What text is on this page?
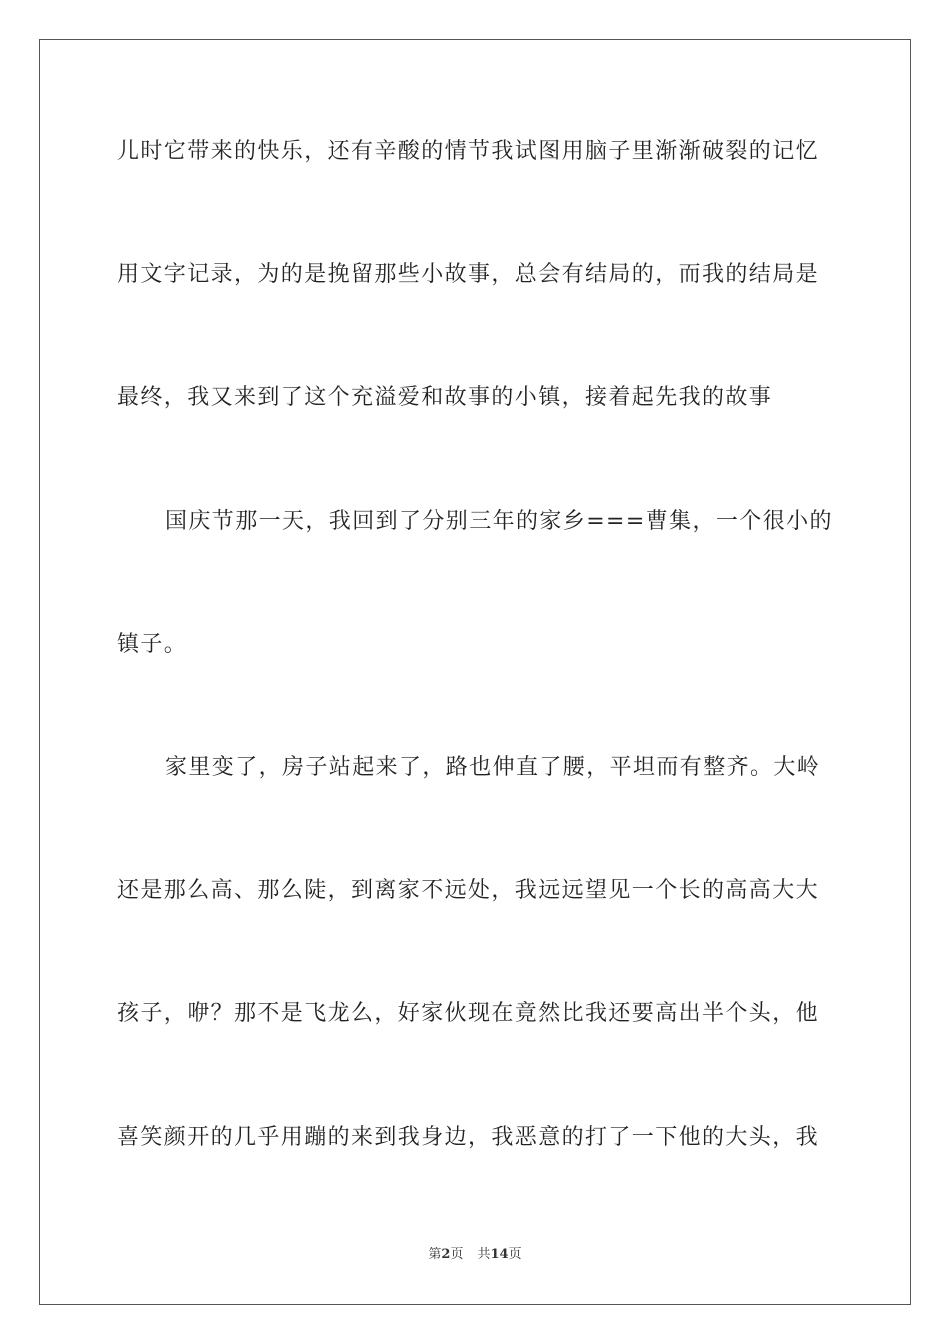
儿时它带来的快乐，还有辛酸的情节我试图用脑子里渐渐破裂的记忆
用文字记录，为的是挽留那些小故事，总会有结局的，而我的结局是
最终，我又来到了这个充溢爱和故事的小镇，接着起先我的故事
国庆节那一天，我回到了分别三年的家乡===曹集，一个很小的
镇子。
家里变了，房子站起来了，路也伸直了腰，平坦而有整齐。大岭
还是那么高、那么陡，到离家不远处，我远远望见一个长的高高大大
孩子，咿？那不是飞龙么，好家伙现在竟然比我还要高出半个头，他
喜笑颜开的几乎用蹦的来到我身边，我恶意的打了一下他的大头，我
第2页 共14页
